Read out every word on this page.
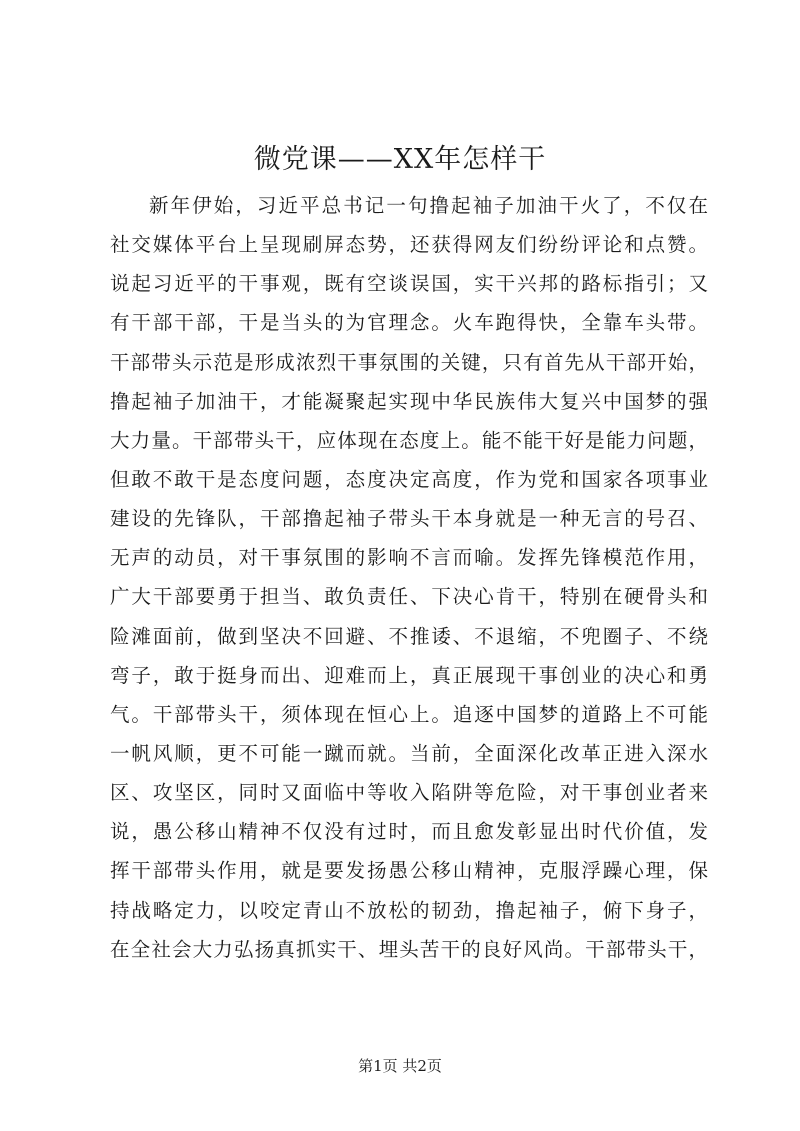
微党课——XX年怎样干
新年伊始，习近平总书记一句撸起袖子加油干火了，不仅在
社交媒体平台上呈现刷屏态势，还获得网友们纷纷评论和点赞。
说起习近平的干事观，既有空谈误国，实干兴邦的路标指引；又
有干部干部，干是当头的为官理念。火车跑得快，全靠车头带。
干部带头示范是形成浓烈干事氛围的关键，只有首先从干部开始，
撸起袖子加油干，才能凝聚起实现中华民族伟大复兴中国梦的强
大力量。干部带头干，应体现在态度上。能不能干好是能力问题，
但敢不敢干是态度问题，态度决定高度，作为党和国家各项事业
建设的先锋队，干部撸起袖子带头干本身就是一种无言的号召、
无声的动员，对干事氛围的影响不言而喻。发挥先锋模范作用，
广大干部要勇于担当、敢负责任、下决心肯干，特别在硬骨头和
险滩面前，做到坚决不回避、不推诿、不退缩，不兜圈子、不绕
弯子，敢于挺身而出、迎难而上，真正展现干事创业的决心和勇
气。干部带头干，须体现在恒心上。追逐中国梦的道路上不可能
一帆风顺，更不可能一蹴而就。当前，全面深化改革正进入深水
区、攻坚区，同时又面临中等收入陷阱等危险，对干事创业者来
说，愚公移山精神不仅没有过时，而且愈发彰显出时代价值，发
挥干部带头作用，就是要发扬愚公移山精神，克服浮躁心理，保
持战略定力，以咬定青山不放松的韧劲，撸起袖子，俯下身子，
在全社会大力弘扬真抓实干、埋头苦干的良好风尚。干部带头干，
第1页 共2页
